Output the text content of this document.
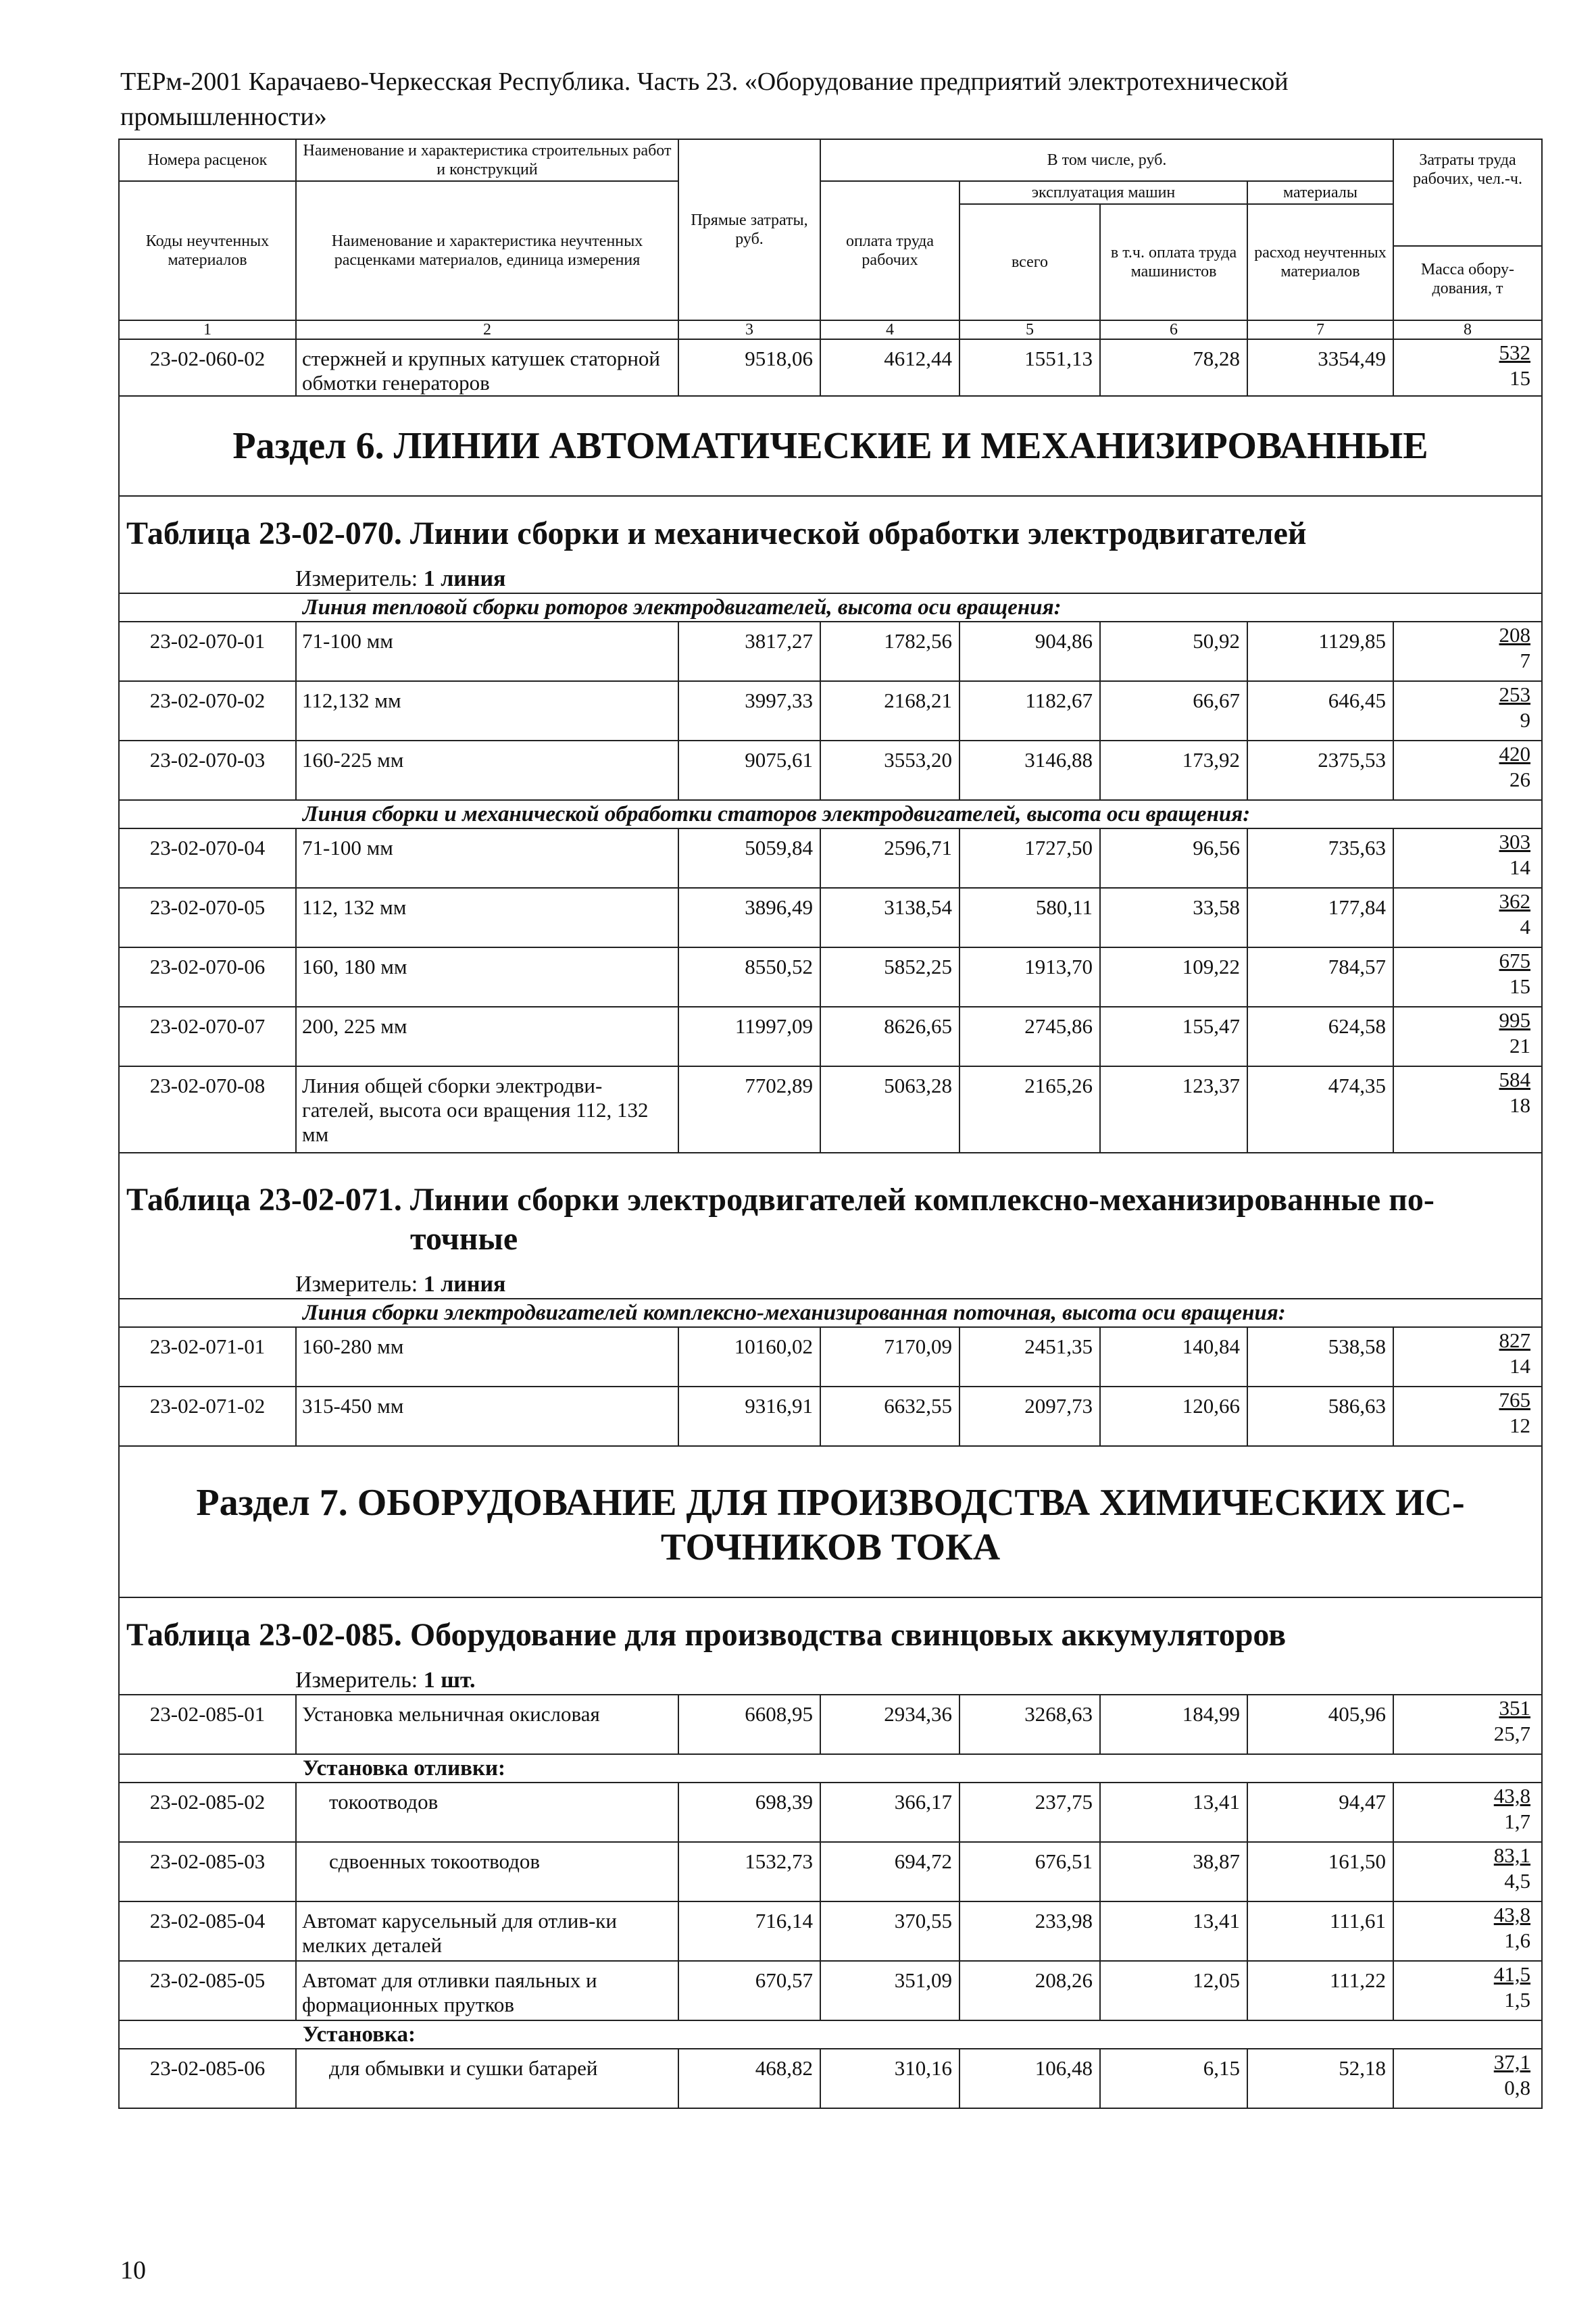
ТЕРм-2001 Карачаево-Черкесская Республика. Часть 23. «Оборудование предприятий электротехнической промышленности»
Номера расценок	Наименование и характеристика строительных работ и конструкций	Прямые затраты, руб.	В том числе, руб.				Затраты труда рабочих, чел.-ч.
Масса обору-дования, т

Коды неучтенных материалов	Наименование и характеристика неучтенных расценками материалов, единица измерения		оплата труда рабочих	эксплуатация машин		материалы	
				всего	в т.ч. оплата труда машинистов	расход неучтенных материалов	
1	2	3	4	5	6	7	8
23-02-060-02	стержней и крупных катушек статорной обмотки генераторов	9518,06	4612,44	1551,13	78,28	3354,49	532
15

Раздел 6. ЛИНИИ АВТОМАТИЧЕСКИЕ И МЕХАНИЗИРОВАННЫЕ							
Таблица 23-02-070. Линии сборки и механической обработки электродвигателей							
Измеритель: 1 линия							
	Линия тепловой сборки роторов электродвигателей, высота оси вращения:						
23-02-070-01	71-100 мм	3817,27	1782,56	904,86	50,92	1129,85	208
7

23-02-070-02	112,132 мм	3997,33	2168,21	1182,67	66,67	646,45	253
9

23-02-070-03	160-225 мм	9075,61	3553,20	3146,88	173,92	2375,53	420
26

	Линия сборки и механической обработки статоров электродвигателей, высота оси вращения:						
23-02-070-04	71-100 мм	5059,84	2596,71	1727,50	96,56	735,63	303
14

23-02-070-05	112, 132 мм	3896,49	3138,54	580,11	33,58	177,84	362
4

23-02-070-06	160, 180 мм	8550,52	5852,25	1913,70	109,22	784,57	675
15

23-02-070-07	200, 225 мм	11997,09	8626,65	2745,86	155,47	624,58	995
21

23-02-070-08	Линия общей сборки электродви-гателей, высота оси вращения 112, 132 мм	7702,89	5063,28	2165,26	123,37	474,35	584
18

Таблица 23-02-071. Линии сборки электродвигателей комплексно-механизированные по-
точные							

Измеритель: 1 линия							
	Линия сборки электродвигателей комплексно-механизированная поточная, высота оси вращения:						
23-02-071-01	160-280 мм	10160,02	7170,09	2451,35	140,84	538,58	827
14

23-02-071-02	315-450 мм	9316,91	6632,55	2097,73	120,66	586,63	765
12

Раздел 7. ОБОРУДОВАНИЕ ДЛЯ ПРОИЗВОДСТВА ХИМИЧЕСКИХ ИС-
ТОЧНИКОВ ТОКА							
Таблица 23-02-085. Оборудование для производства свинцовых аккумуляторов							
Измеритель: 1 шт.							
23-02-085-01	Установка мельничная окисловая	6608,95	2934,36	3268,63	184,99	405,96	351
25,7

	Установка отливки:						
23-02-085-02	токоотводов	698,39	366,17	237,75	13,41	94,47	43,8
1,7

23-02-085-03	сдвоенных токоотводов	1532,73	694,72	676,51	38,87	161,50	83,1
4,5

23-02-085-04	Автомат карусельный для отлив-ки мелких деталей	716,14	370,55	233,98	13,41	111,61	43,8
1,6

23-02-085-05	Автомат для отливки паяльных и формационных прутков	670,57	351,09	208,26	12,05	111,22	41,5
1,5

	Установка:						
23-02-085-06	для обмывки и сушки батарей	468,82	310,16	106,48	6,15	52,18	37,1
0,8
10
